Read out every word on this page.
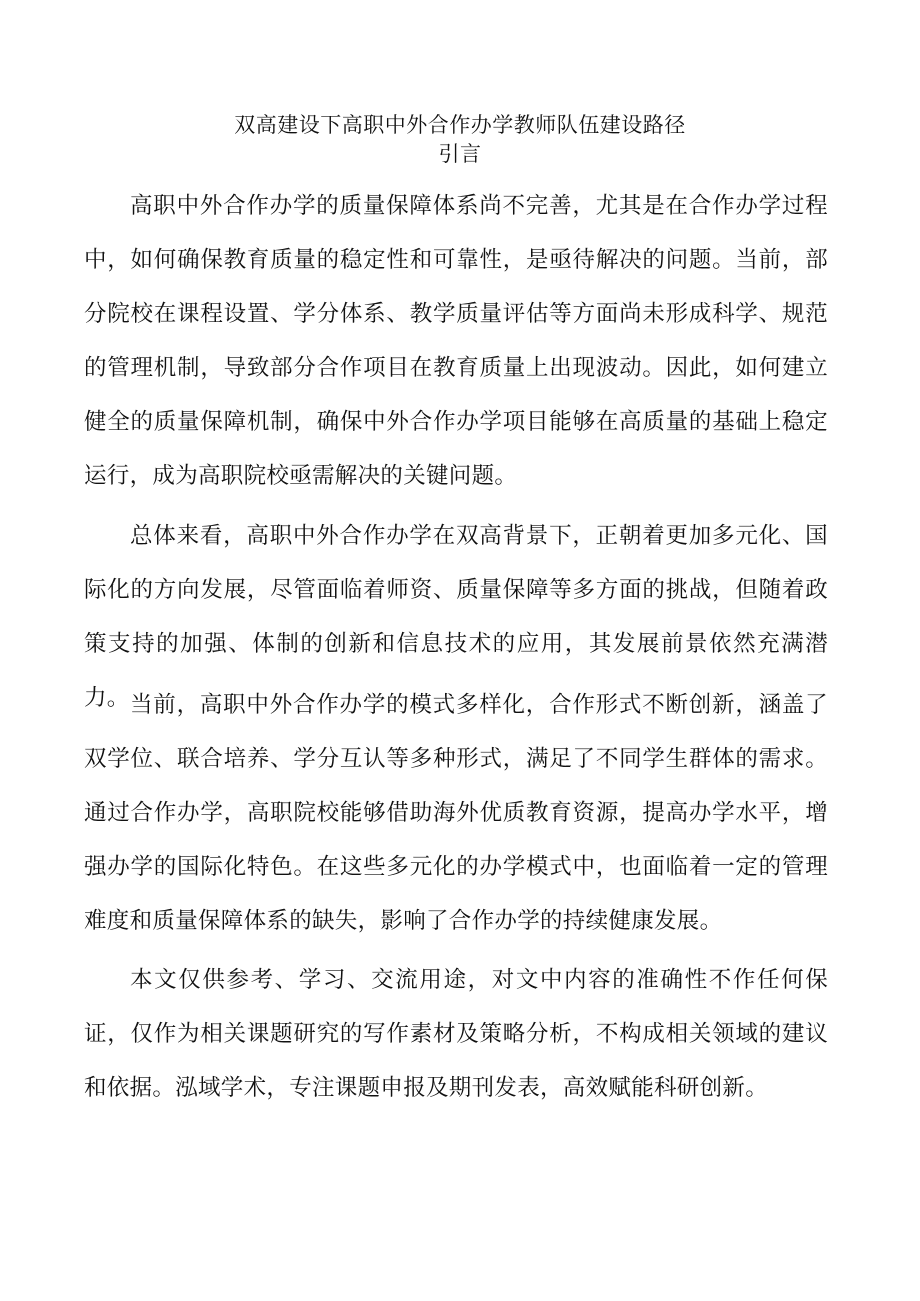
双高建设下高职中外合作办学教师队伍建设路径
引言

高职中外合作办学的质量保障体系尚不完善，尤其是在合作办学过程中，如何确保教育质量的稳定性和可靠性，是亟待解决的问题。当前，部分院校在课程设置、学分体系、教学质量评估等方面尚未形成科学、规范的管理机制，导致部分合作项目在教育质量上出现波动。因此，如何建立健全的质量保障机制，确保中外合作办学项目能够在高质量的基础上稳定运行，成为高职院校亟需解决的关键问题。

总体来看，高职中外合作办学在双高背景下，正朝着更加多元化、国际化的方向发展，尽管面临着师资、质量保障等多方面的挑战，但随着政策支持的加强、体制的创新和信息技术的应用，其发展前景依然充满潜力。 当前，高职中外合作办学的模式多样化，合作形式不断创新，涵盖了双学位、联合培养、学分互认等多种形式，满足了不同学生群体的需求。通过合作办学，高职院校能够借助海外优质教育资源，提高办学水平，增强办学的国际化特色。在这些多元化的办学模式中，也面临着一定的管理难度和质量保障体系的缺失，影响了合作办学的持续健康发展。

本文仅供参考、学习、交流用途，对文中内容的准确性不作任何保证，仅作为相关课题研究的写作素材及策略分析，不构成相关领域的建议和依据。泓域学术，专注课题申报及期刊发表，高效赋能科研创新。
